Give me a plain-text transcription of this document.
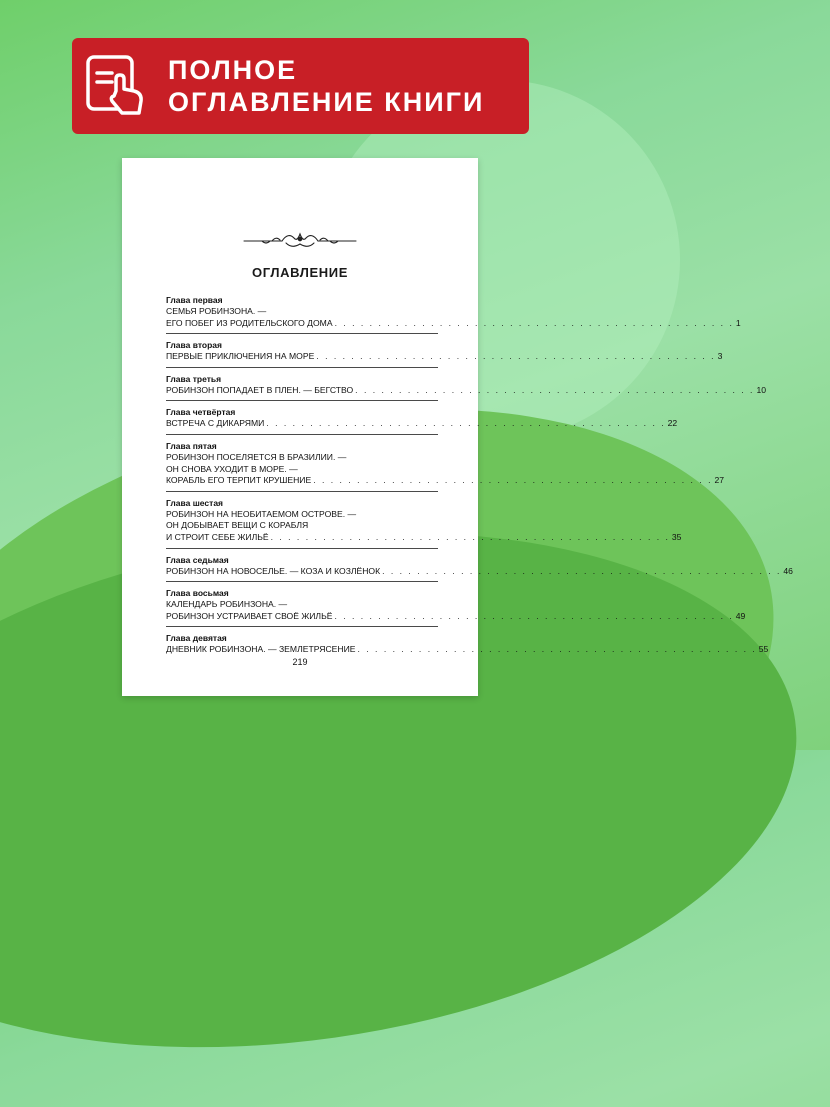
ПОЛНОЕ
ОГЛАВЛЕНИЕ КНИГИ
ОГЛАВЛЕНИЕ
Глава первая
СЕМЬЯ РОБИНЗОНА. —
ЕГО ПОБЕГ ИЗ РОДИТЕЛЬСКОГО ДОМА . . . . . . . . . . . . . . . . . . . . . . . . . . . . . . . . . . . . . . . . . . . . . . 1
Глава вторая
ПЕРВЫЕ ПРИКЛЮЧЕНИЯ НА МОРЕ . . . . . . . . . . . . . . . . . . . . . . . . . . . . . . . . . . . . . . . . . . . . . . 3
Глава третья
РОБИНЗОН ПОПАДАЕТ В ПЛЕН. — БЕГСТВО . . . . . . . . . . . . . . . . . . . . . . . . . . . . . . . . . . . . . . . . . . . . . . 10
Глава четвёртая
ВСТРЕЧА С ДИКАРЯМИ . . . . . . . . . . . . . . . . . . . . . . . . . . . . . . . . . . . . . . . . . . . . . . 22
Глава пятая
РОБИНЗОН ПОСЕЛЯЕТСЯ В БРАЗИЛИИ. —
ОН СНОВА УХОДИТ В МОРЕ. —
КОРАБЛЬ ЕГО ТЕРПИТ КРУШЕНИЕ . . . . . . . . . . . . . . . . . . . . . . . . . . . . . . . . . . . . . . . . . . . . . . 27
Глава шестая
РОБИНЗОН НА НЕОБИТАЕМОМ ОСТРОВЕ. —
ОН ДОБЫВАЕТ ВЕЩИ С КОРАБЛЯ
И СТРОИТ СЕБЕ ЖИЛЬЁ . . . . . . . . . . . . . . . . . . . . . . . . . . . . . . . . . . . . . . . . . . . . . . 35
Глава седьмая
РОБИНЗОН НА НОВОСЕЛЬЕ. — КОЗА И КОЗЛЁНОК . . . . . . . . . . . . . . . . . . . . . . . . . . . . . . . . . . . . . . . . . . . . . . 46
Глава восьмая
КАЛЕНДАРЬ РОБИНЗОНА. —
РОБИНЗОН УСТРАИВАЕТ СВОЁ ЖИЛЬЁ . . . . . . . . . . . . . . . . . . . . . . . . . . . . . . . . . . . . . . . . . . . . . . 49
Глава девятая
ДНЕВНИК РОБИНЗОНА. — ЗЕМЛЕТРЯСЕНИЕ . . . . . . . . . . . . . . . . . . . . . . . . . . . . . . . . . . . . . . . . . . . . . . 55
219
